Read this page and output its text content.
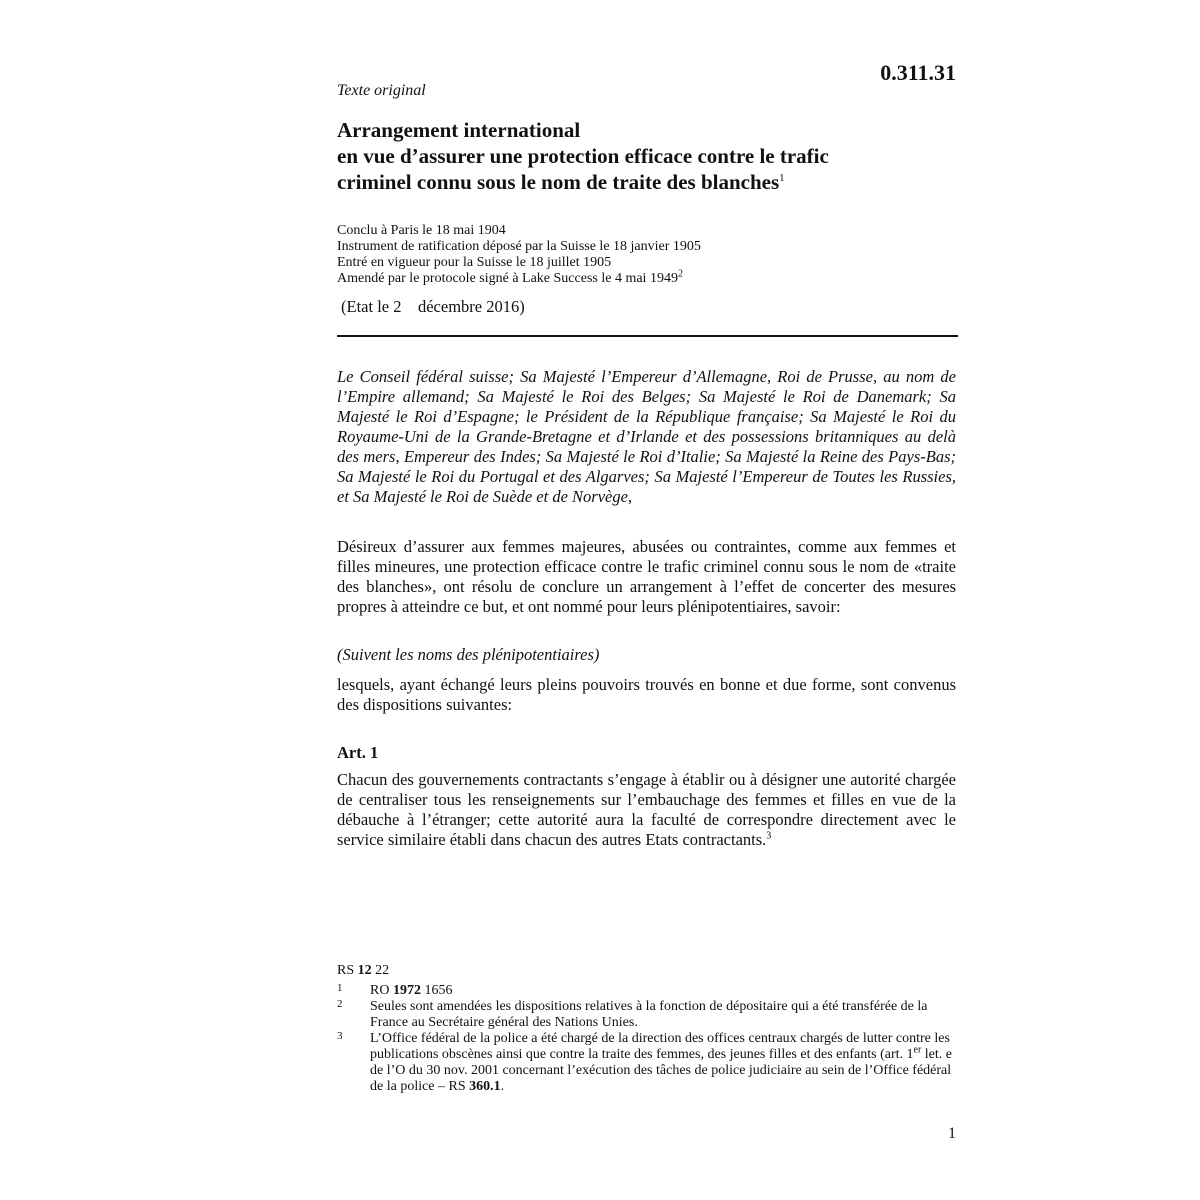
0.311.31
Texte original
Arrangement international
en vue d’assurer une protection efficace contre le trafic
criminel connu sous le nom de traite des blanches$^1$
Conclu à Paris le 18 mai 1904
Instrument de ratification déposé par la Suisse le 18 janvier 1905
Entré en vigueur pour la Suisse le 18 juillet 1905
Amendé par le protocole signé à Lake Success le 4 mai 1949$^2$
(Etat le 2    décembre 2016)
Le Conseil fédéral suisse; Sa Majesté l’Empereur d’Allemagne, Roi de Prusse, au nom de l’Empire allemand; Sa Majesté le Roi des Belges; Sa Majesté le Roi de Danemark; Sa Majesté le Roi d’Espagne; le Président de la République française; Sa Majesté le Roi du Royaume-Uni de la Grande-Bretagne et d’Irlande et des possessions britanniques au delà des mers, Empereur des Indes; Sa Majesté le Roi d’Italie; Sa Majesté la Reine des Pays-Bas; Sa Majesté le Roi du Portugal et des Algarves; Sa Majesté l’Empereur de Toutes les Russies, et Sa Majesté le Roi de Suède et de Norvège,
Désireux d’assurer aux femmes majeures, abusées ou contraintes, comme aux femmes et filles mineures, une protection efficace contre le trafic criminel connu sous le nom de «traite des blanches», ont résolu de conclure un arrangement à l’effet de concerter des mesures propres à atteindre ce but, et ont nommé pour leurs plénipotentiaires, savoir:
(Suivent les noms des plénipotentiaires)
lesquels, ayant échangé leurs pleins pouvoirs trouvés en bonne et due forme, sont convenus des dispositions suivantes:
Art. 1
Chacun des gouvernements contractants s’engage à établir ou à désigner une autorité chargée de centraliser tous les renseignements sur l’embauchage des femmes et filles en vue de la débauche à l’étranger; cette autorité aura la faculté de correspondre directement avec le service similaire établi dans chacun des autres Etats contractants.$^3$
RS 12 22
1 RO 1972 1656
2 Seules sont amendées les dispositions relatives à la fonction de dépositaire qui a été transférée de la France au Secrétaire général des Nations Unies.
3 L’Office fédéral de la police a été chargé de la direction des offices centraux chargés de lutter contre les publications obscènes ainsi que contre la traite des femmes, des jeunes filles et des enfants (art. 1er let. e de l’O du 30 nov. 2001 concernant l’exécution des tâches de police judiciaire au sein de l’Office fédéral de la police – RS 360.1.
1
